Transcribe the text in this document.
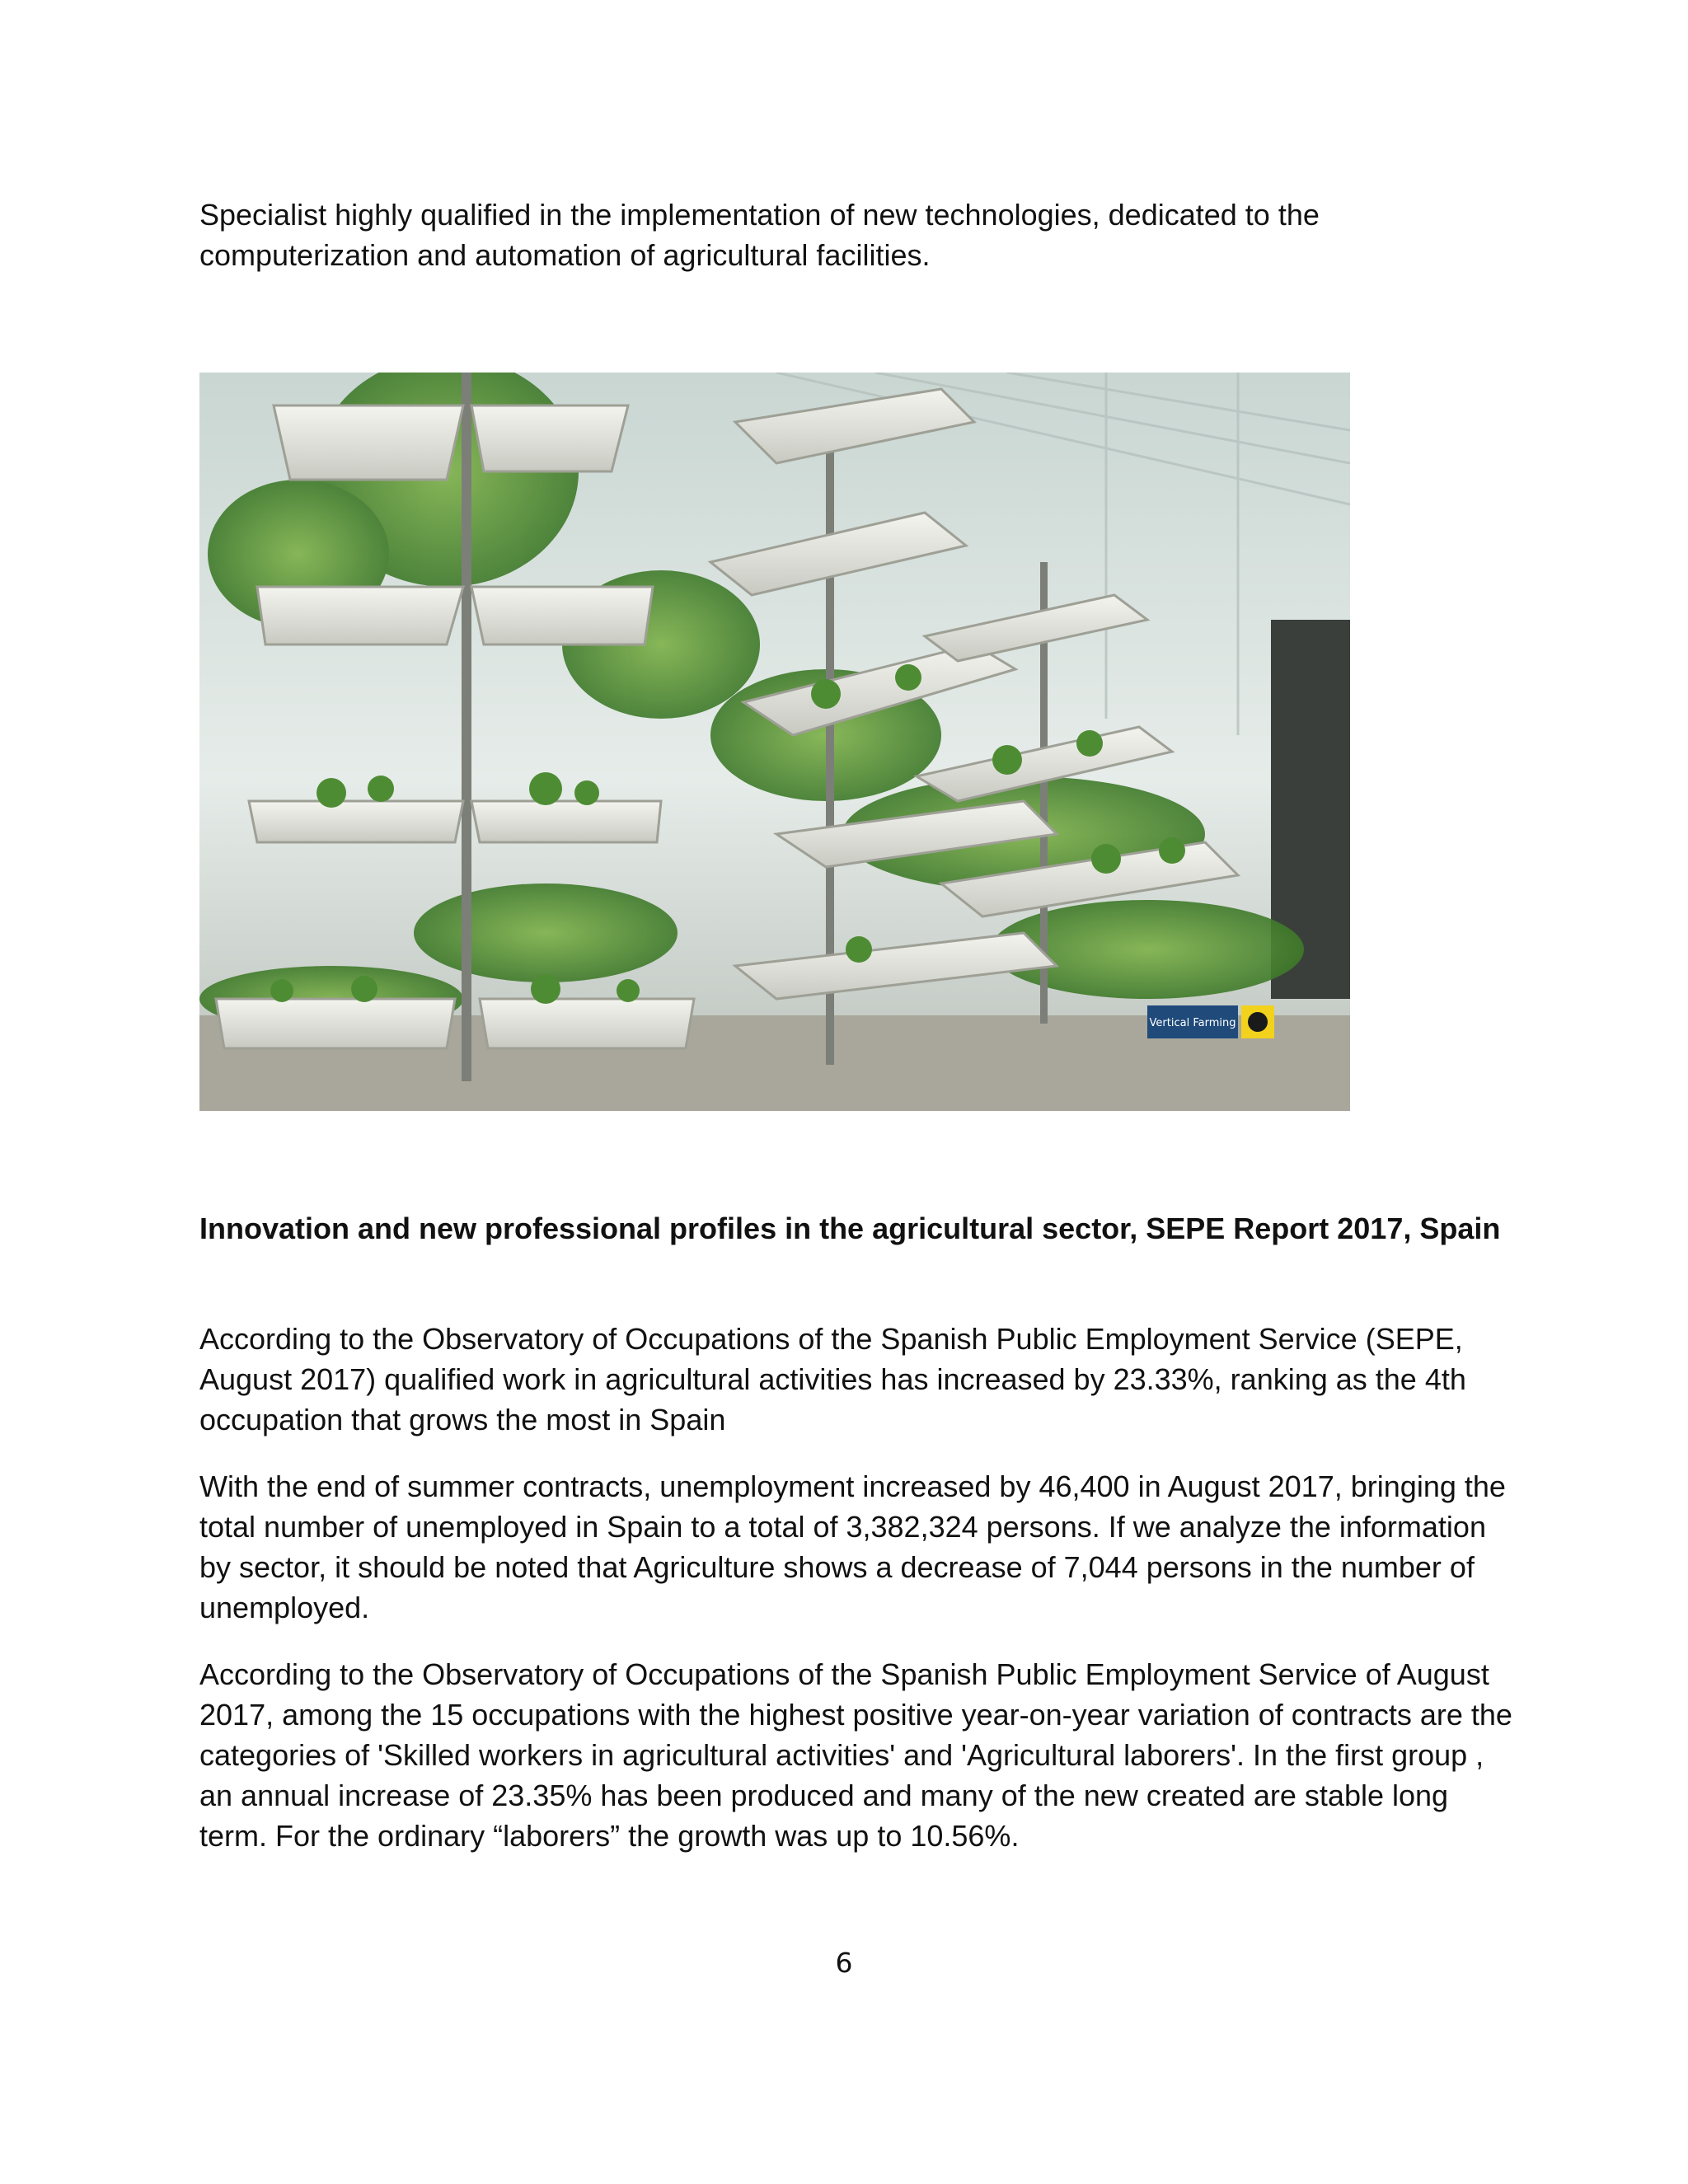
Specialist highly qualified in the implementation of new technologies, dedicated to the computerization and automation of agricultural facilities.

Vertical Farming

Innovation and new professional profiles in the agricultural sector, SEPE Report 2017, Spain

According to the Observatory of Occupations of the Spanish Public Employment Service (SEPE, August 2017) qualified work in agricultural activities has increased by 23.33%, ranking as the 4th occupation that grows the most in Spain

With the end of summer contracts, unemployment increased by 46,400 in August 2017, bringing the total number of unemployed in Spain to a total of 3,382,324 persons. If we analyze the information by sector, it should be noted that Agriculture shows a decrease of 7,044 persons in the number of unemployed.

According to the Observatory of Occupations of the Spanish Public Employment Service of August 2017, among the 15 occupations with the highest positive year-on-year variation of contracts are the categories of 'Skilled workers in agricultural activities' and 'Agricultural laborers'. In the first group , an annual increase of 23.35% has been produced and many of the new created are stable long term. For the ordinary “laborers” the growth was up to 10.56%.

6
